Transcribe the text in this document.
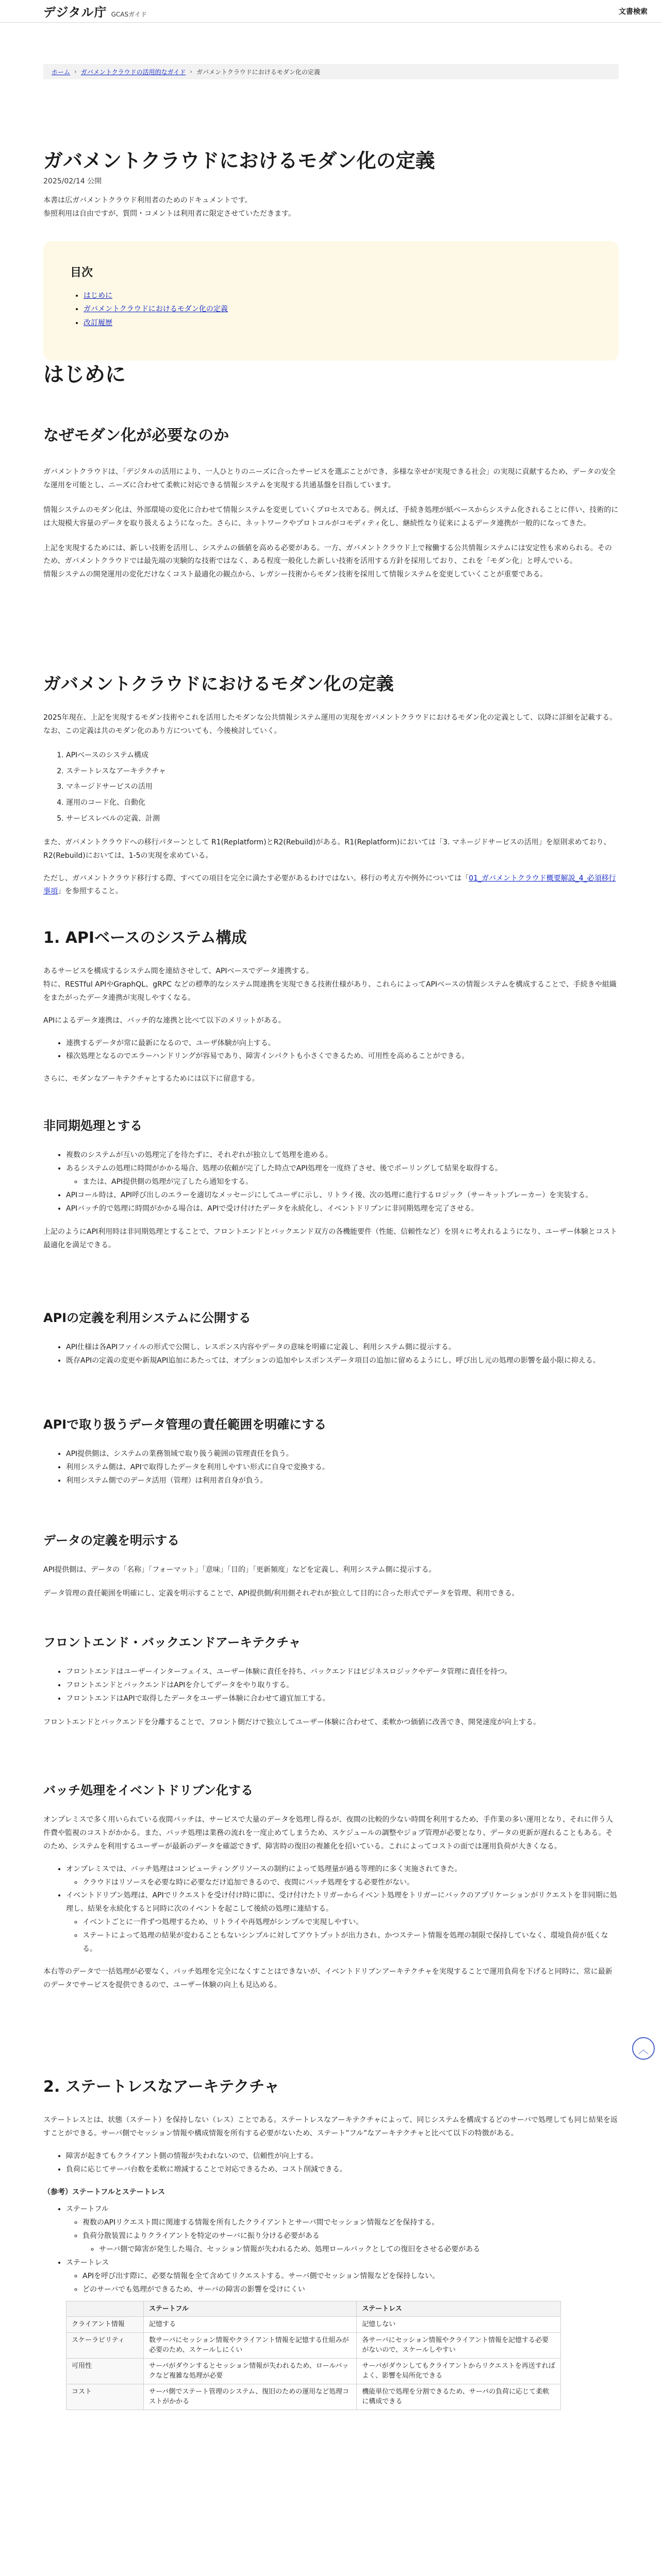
デジタル庁 GCASガイド	文書検索
ホーム › ガバメントクラウドの活用的なガイド › ガバメントクラウドにおけるモダン化の定義
ガバメントクラウドにおけるモダン化の定義
2025/02/14 公開

本書は広ガバメントクラウド利用者のためのドキュメントです。

参照利用は自由ですが、質問・コメントは利用者に限定させていただきます。

目次
• はじめに
• ガバメントクラウドにおけるモダン化の定義
• 改訂履歴
はじめに
なぜモダン化が必要なのか

ガバメントクラウドは、「デジタルの活用により、一人ひとりのニーズに合ったサービスを選ぶことができ、多様な幸せが実現できる社会」の実現に貢献するため、データの安全な運用を可能とし、ニーズに合わせて柔軟に対応できる情報システムを実現する共通基盤を目指しています。

情報システムのモダン化は、外部環境の変化に合わせて情報システムを変更していくプロセスである。例えば、手続き処理が紙ベースからシステム化されることに伴い、技術的には大規模大容量のデータを取り扱えるようになった。さらに、ネットワークやプロトコルがコモディティ化し、継続性なり従来によるデータ連携が一般的になってきた。

上記を実現するためには、新しい技術を活用し、システムの価値を高める必要がある。一方、ガバメントクラウド上で稼働する公共情報システムには安定性も求められる。そのため、ガバメントクラウドでは最先端の実験的な技術ではなく、ある程度一般化した新しい技術を活用する方針を採用しており、これを「モダン化」と呼んでいる。

情報システムの開発運用の変化だけなくコスト最適化の観点から、レガシー技術からモダン技術を採用して情報システムを変更していくことが重要である。

ガバメントクラウドにおけるモダン化の定義

2025年現在、上記を実現するモダン技術やこれを活用したモダンな公共情報システム運用の実現をガバメントクラウドにおけるモダン化の定義として、以降に詳細を記載する。

なお、この定義は共のモダン化のあり方についても、今後検討していく。

1. APIベースのシステム構成
2. ステートレスなアーキテクチャ
3. マネージドサービスの活用
4. 運用のコード化、自動化
5. サービスレベルの定義、計測

また、ガバメントクラウドへの移行パターンとして R1(Replatform)とR2(Rebuild)がある。R1(Replatform)においては「3. マネージドサービスの活用」を原則求めており、R2(Rebuild)においては、1-5の実現を求めている。

ただし、ガバメントクラウド移行する際、すべての項目を完全に満たす必要があるわけではない。移行の考え方や例外については「01_ガバメントクラウド概要解説_4_必須移行事項」を参照すること。

1. APIベースのシステム構成

あるサービスを構成するシステム間を連結させして、APIベースでデータ連携する。

特に、RESTful APIやGraphQL、gRPC などの標準的なシステム間連携を実現できる技術仕様があり、これらによってAPIベースの情報システムを構成することで、手続きや組織をまたがったデータ連携が実現しやすくなる。

APIによるデータ連携は、バッチ的な連携と比べて以下のメリットがある。

• 連携するデータが常に最新になるので、ユーザ体験が向上する。
• 様次処理となるのでエラーハンドリングが容易であり、障害インパクトも小さくできるため、可用性を高めることができる。

さらに、モダンなアーキテクチャとするためには以下に留意する。

非同期処理とする
• 複数のシステムが互いの処理完了を待たずに、それぞれが独立して処理を進める。
• あるシステムの処理に時間がかかる場合、処理の依頼が完了した時点でAPI処理を一度終了させ、後でポーリングして結果を取得する。
◦ または、API提供側の処理が完了したら通知をする。
• APIコール時は、API呼び出しのエラーを適切なメッセージにしてユーザに示し、リトライ後、次の処理に進行するロジック（サーキットブレーカー）を実装する。
• APIバッチ的で処理に時間がかかる場合は、APIで受け付けたデータを永続化し、イベントドリブンに非同期処理を完了させる。

上記のようにAPI利用時は非同期処理とすることで、フロントエンドとバックエンド双方の各機能要件（性能、信頼性など）を別々に考えれるようになり、ユーザー体験とコスト最適化を満足できる。

APIの定義を利用システムに公開する
• API仕様は各APIファイルの形式で公開し、レスポンス内容やデータの意味を明確に定義し、利用システム側に提示する。
• 既存APIの定義の変更や新規API追加にあたっては、オプションの追加やレスポンスデータ項目の追加に留めるようにし、呼び出し元の処理の影響を最小限に抑える。
APIで取り扱うデータ管理の責任範囲を明確にする
• API提供側は、システムの業務領域で取り扱う範囲の管理責任を負う。
• 利用システム側は、APIで取得したデータを利用しやすい形式に自身で変換する。
• 利用システム側でのデータ活用（管理）は利用者自身が負う。
データの定義を明示する

API提供側は、データの「名称」「フォーマット」「意味」「目的」「更新頻度」などを定義し、利用システム側に提示する。

データ管理の責任範囲を明確にし、定義を明示することで、API提供側/利用側それぞれが独立して目的に合った形式でデータを管理、利用できる。

フロントエンド・バックエンドアーキテクチャ
• フロントエンドはユーザーインターフェイス、ユーザー体験に責任を持ち、バックエンドはビジネスロジックやデータ管理に責任を持つ。
• フロントエンドとバックエンドはAPIを介してデータをやり取りする。
• フロントエンドはAPIで取得したデータをユーザー体験に合わせて適宜加工する。

フロントエンドとバックエンドを分離することで、フロント側だけで独立してユーザー体験に合わせて、柔軟かつ価値に改善でき、開発速度が向上する。

バッチ処理をイベントドリブン化する

オンプレミスで多く用いられている夜間バッチは、サービスで大量のデータを処理し得るが、夜間の比較的少ない時間を利用するため、手作業の多い運用となり、それに伴う人件費や監視のコストがかかる。また、バッチ処理は業務の流れを一度止めてしまうため、スケジュールの調整やジョブ管理が必要となり、データの更新が遅れることもある。そのため、システムを利用するユーザーが最新のデータを確認できず、障害時の復旧の複雑化を招いている。これによってコストの面では運用負荷が大きくなる。

• オンプレミスでは、バッチ処理はコンピューティングリソースの制約によって処理量が過る等理的に多く実施されてきた。
◦ クラウドはリソースを必要な時に必要なだけ追加できるので、夜間にバッチ処理をする必要性がない。
• イベントドリブン処理は、APIでリクエストを受け付け時に即に、受け付けたトリガーからイベント処理をトリガーにバックのアプリケーションがリクエストを非同期に処理し、結果を永続化すると同時に次のイベントを起こして後続の処理に連結する。
◦ イベントごとに一件ずつ処理するため、リトライや再処理がシンプルで実現しやすい。
◦ ステートによって処理の結果が変わることもないシンプルに対してアウトプットが出力され、かつステート情報を処理の制限で保持していなく、環境負荷が低くなる。

本右等のデータで一括処理が必要なく、バッチ処理を完全になくすことはできないが、イベントドリブンアーキテクチャを実現することで運用負荷を下げると同時に、常に最新のデータでサービスを提供できるので、ユーザー体験の向上も見込める。

2. ステートレスなアーキテクチャ

ステートレスとは、状態（ステート）を保持しない（レス）ことである。ステートレスなアーキテクチャによって、同じシステムを構成するどのサーバで処理しても同じ結果を返すことができる。サーバ側でセッション情報や構成情報を所有する必要がないため、ステート”フル”なアーキテクチャと比べて以下の特徴がある。

• 障害が起きてもクライアント側の情報が失われないので、信頼性が向上する。
• 負荷に応じてサーバ台数を柔軟に増減することで対応できるため、コスト削減できる。

（参考）ステートフルとステートレス

• ステートフル
◦ 複数のAPIリクエスト間に関連する情報を所有したクライアントとサーバ間でセッション情報などを保持する。
◦ 負荷分散装置によりクライアントを特定のサーバに振り分ける必要がある
◦ サーバ側で障害が発生した場合、セッション情報が失われるため、処理ロールバックとしての復旧をさせる必要がある
• ステートレス
◦ APIを呼び出す際に、必要な情報を全て含めてリクエストする。サーバ側でセッション情報などを保持しない。
◦ どのサーバでも処理ができるため、サーバの障害の影響を受けにくい
	ステートフル	ステートレス
クライアント情報	記憶する	記憶しない
スケーラビリティ	数サーバにセッション情報やクライアント情報を記憶する仕組みが必要のため、スケールしにくい	各サーバにセッション情報やクライアント情報を記憶する必要がないので、スケールしやすい
可用性	サーバがダウンするとセッション情報が失われるため、ロールバックなど複雑な処理が必要	サーバがダウンしてもクライアントからリクエストを再送すればよく、影響を局所化できる
コスト	サーバ側でステート管理のシステム、復旧のための運用など処理コストがかかる	機能単位で処理を分割できるため、サーバの負荷に応じて柔軟に構成できる
︿
